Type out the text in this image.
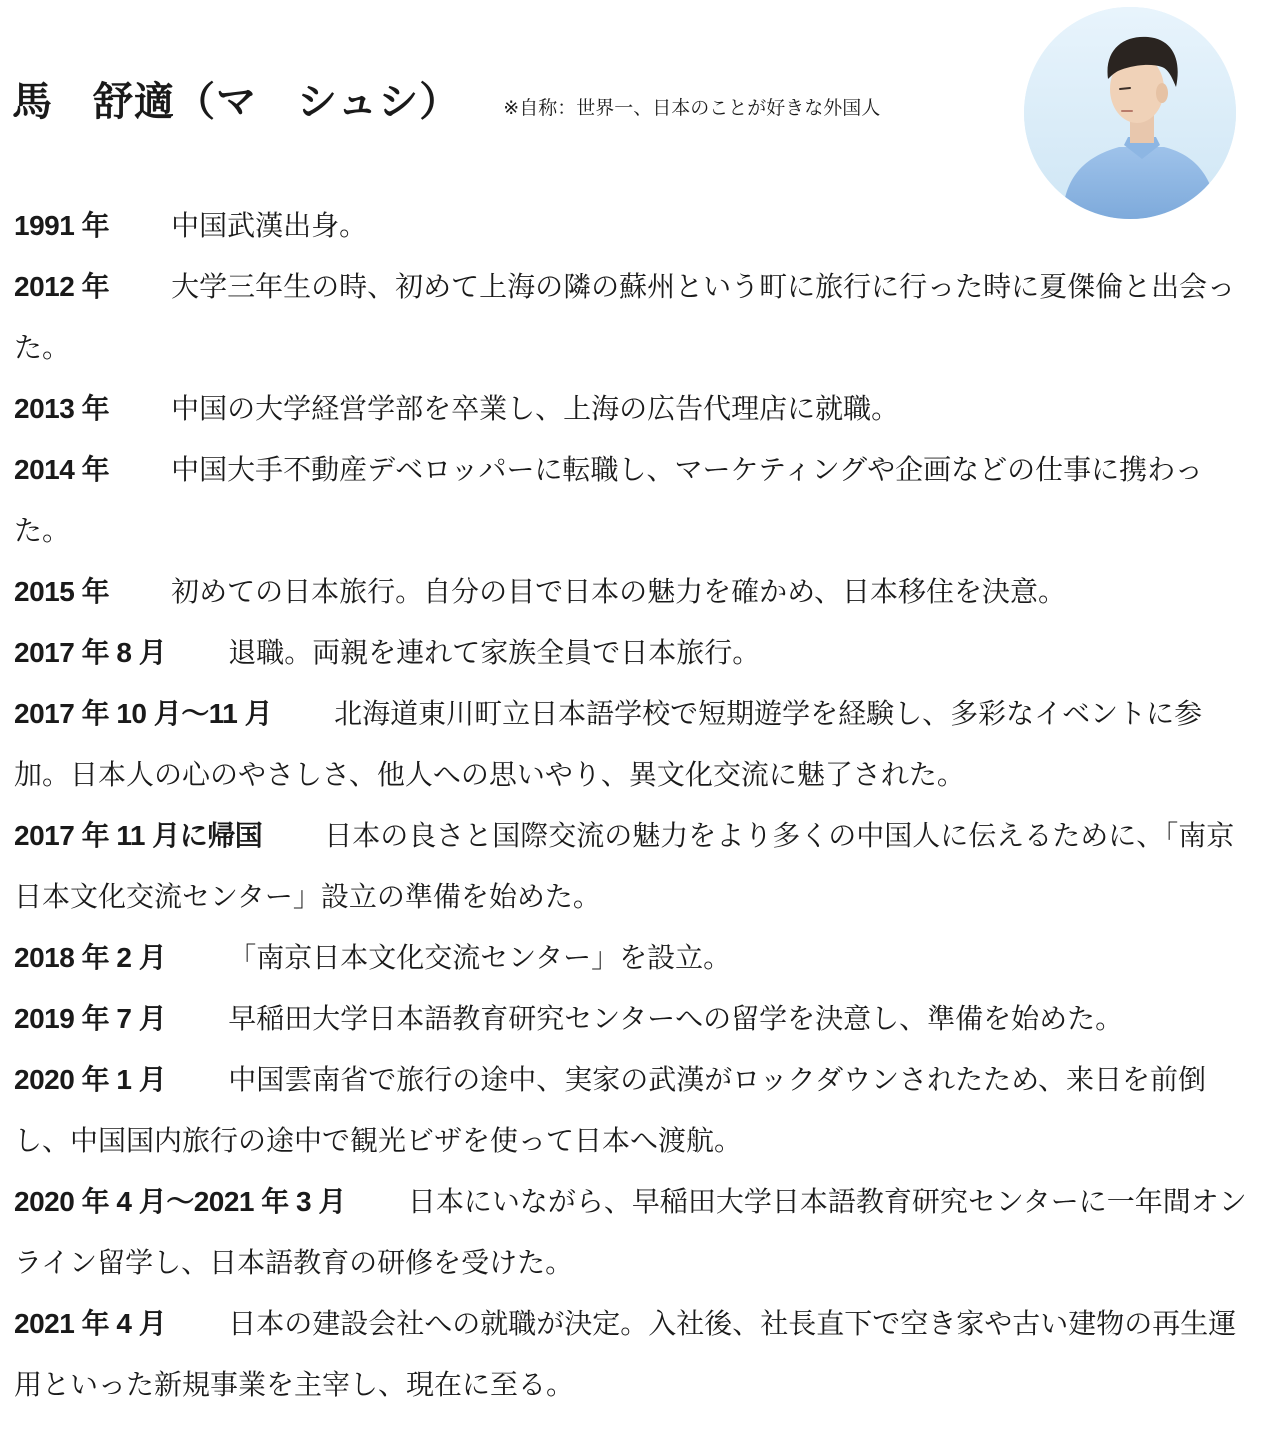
馬 舒適（マ シュシ） ※自称：世界一、日本のことが好きな外国人

1991 年 中国武漢出身。

2012 年 大学三年生の時、初めて上海の隣の蘇州という町に旅行に行った時に夏傑倫と出会った。

2013 年 中国の大学経営学部を卒業し、上海の広告代理店に就職。

2014 年 中国大手不動産デベロッパーに転職し、マーケティングや企画などの仕事に携わった。

2015 年 初めての日本旅行。自分の目で日本の魅力を確かめ、日本移住を決意。

2017 年 8 月 退職。両親を連れて家族全員で日本旅行。

2017 年 10 月～11 月 北海道東川町立日本語学校で短期遊学を経験し、多彩なイベントに参加。日本人の心のやさしさ、他人への思いやり、異文化交流に魅了された。

2017 年 11 月に帰国 日本の良さと国際交流の魅力をより多くの中国人に伝えるために、「南京日本文化交流センター」設立の準備を始めた。

2018 年 2 月 「南京日本文化交流センター」を設立。

2019 年 7 月 早稲田大学日本語教育研究センターへの留学を決意し、準備を始めた。

2020 年 1 月 中国雲南省で旅行の途中、実家の武漢がロックダウンされたため、来日を前倒し、中国国内旅行の途中で観光ビザを使って日本へ渡航。

2020 年 4 月～2021 年 3 月 日本にいながら、早稲田大学日本語教育研究センターに一年間オンライン留学し、日本語教育の研修を受けた。

2021 年 4 月 日本の建設会社への就職が決定。入社後、社長直下で空き家や古い建物の再生運用といった新規事業を主宰し、現在に至る。
